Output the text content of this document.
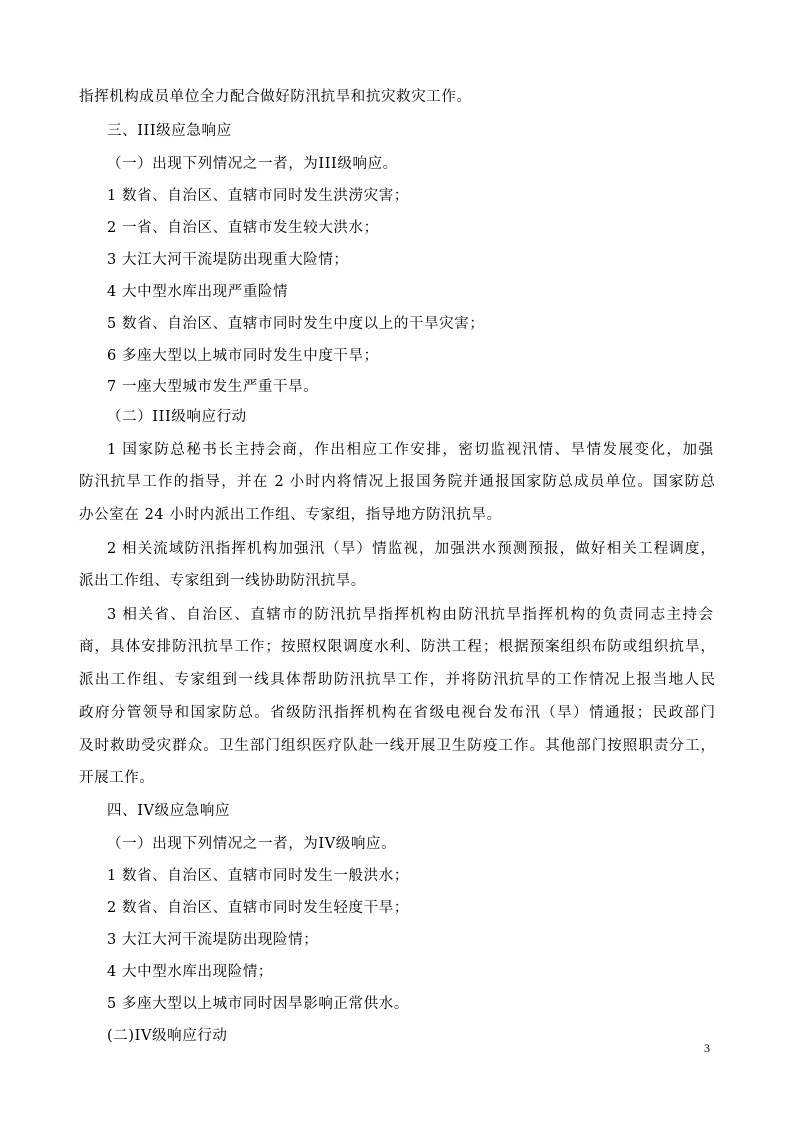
指挥机构成员单位全力配合做好防汛抗旱和抗灾救灾工作。
三、III级应急响应
（一）出现下列情况之一者，为III级响应。
1 数省、自治区、直辖市同时发生洪涝灾害；
2 一省、自治区、直辖市发生较大洪水；
3 大江大河干流堤防出现重大险情；
4 大中型水库出现严重险情
5 数省、自治区、直辖市同时发生中度以上的干旱灾害；
6 多座大型以上城市同时发生中度干旱；
7 一座大型城市发生严重干旱。
（二）III级响应行动
1 国家防总秘书长主持会商，作出相应工作安排，密切监视汛情、旱情发展变化，加强
防汛抗旱工作的指导，并在 2 小时内将情况上报国务院并通报国家防总成员单位。国家防总
办公室在 24 小时内派出工作组、专家组，指导地方防汛抗旱。
2 相关流域防汛指挥机构加强汛（旱）情监视，加强洪水预测预报，做好相关工程调度，
派出工作组、专家组到一线协助防汛抗旱。
3 相关省、自治区、直辖市的防汛抗旱指挥机构由防汛抗旱指挥机构的负责同志主持会
商，具体安排防汛抗旱工作；按照权限调度水利、防洪工程；根据预案组织布防或组织抗旱，
派出工作组、专家组到一线具体帮助防汛抗旱工作，并将防汛抗旱的工作情况上报当地人民
政府分管领导和国家防总。省级防汛指挥机构在省级电视台发布汛（旱）情通报；民政部门
及时救助受灾群众。卫生部门组织医疗队赴一线开展卫生防疫工作。其他部门按照职责分工，
开展工作。
四、IV级应急响应
（一）出现下列情况之一者，为IV级响应。
1 数省、自治区、直辖市同时发生一般洪水；
2 数省、自治区、直辖市同时发生轻度干旱；
3 大江大河干流堤防出现险情；
4 大中型水库出现险情；
5 多座大型以上城市同时因旱影响正常供水。
(二)IV级响应行动
3
